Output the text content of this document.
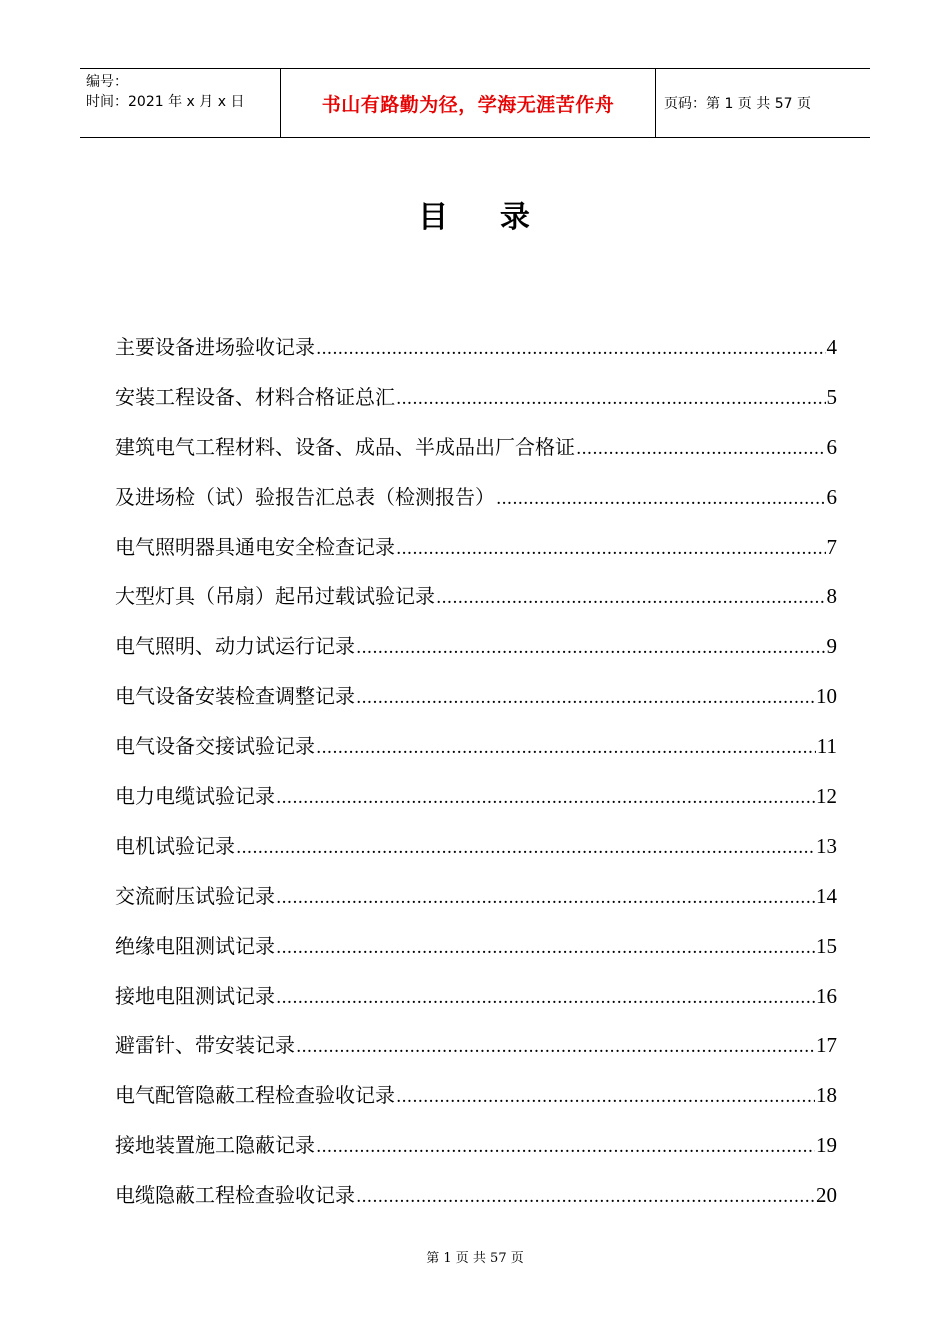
编号：
时间：2021 年 x 月 x 日	书山有路勤为径，学海无涯苦作舟	页码：第 1 页 共 57 页
目    录
主要设备进场验收记录 .....	4
安装工程设备、材料合格证总汇 .....	5
建筑电气工程材料、设备、成品、半成品出厂合格证 .....	6
及进场检（试）验报告汇总表（检测报告） .....	6
电气照明器具通电安全检查记录 .....	7
大型灯具（吊扇）起吊过载试验记录 .....	8
电气照明、动力试运行记录 .....	9
电气设备安装检查调整记录 .....	10
电气设备交接试验记录 .....	11
电力电缆试验记录 .....	12
电机试验记录 .....	13
交流耐压试验记录 .....	14
绝缘电阻测试记录 .....	15
接地电阻测试记录 .....	16
避雷针、带安装记录 .....	17
电气配管隐蔽工程检查验收记录 .....	18
接地装置施工隐蔽记录 .....	19
电缆隐蔽工程检查验收记录 .....	20
第 1 页 共 57 页
